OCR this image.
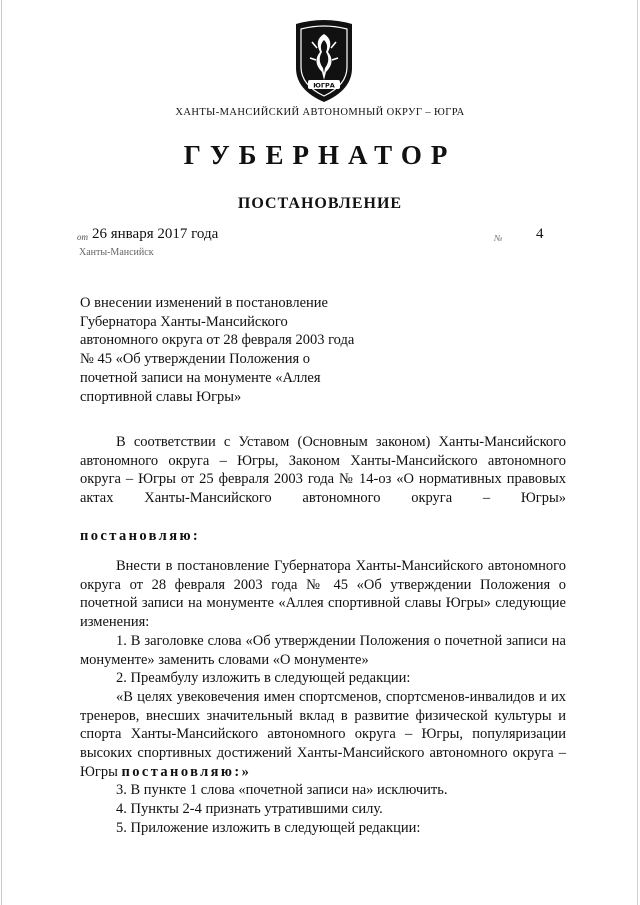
ЮГРА
ХАНТЫ-МАНСИЙСКИЙ АВТОНОМНЫЙ ОКРУГ – ЮГРА
ГУБЕРНАТОР
ПОСТАНОВЛЕНИЕ
от 26 января 2017 года	№ 4
Ханты-Мансийск
О внесении изменений в постановление
Губернатора Ханты-Мансийского
автономного округа от 28 февраля 2003 года
№ 45 «Об утверждении Положения о
почетной записи на монументе «Аллея
спортивной славы Югры»

В соответствии с Уставом (Основным законом) Ханты-Мансийского автономного округа – Югры, Законом Ханты-Мансийского автономного округа – Югры от 25 февраля 2003 года № 14-оз «О нормативных правовых актах Ханты-Мансийского автономного округа – Югры»

постановляю:

Внести в постановление Губернатора Ханты-Мансийского автономного округа от 28 февраля 2003 года № 45 «Об утверждении Положения о почетной записи на монументе «Аллея спортивной славы Югры» следующие изменения:

1. В заголовке слова «Об утверждении Положения о почетной записи на монументе» заменить словами «О монументе»

2. Преамбулу изложить в следующей редакции:

«В целях увековечения имен спортсменов, спортсменов-инвалидов и их тренеров, внесших значительный вклад в развитие физической культуры и спорта Ханты-Мансийского автономного округа – Югры, популяризации высоких спортивных достижений Ханты-Мансийского автономного округа – Югры постановляю:»

3. В пункте 1 слова «почетной записи на» исключить.

4. Пункты 2-4 признать утратившими силу.

5. Приложение изложить в следующей редакции:
